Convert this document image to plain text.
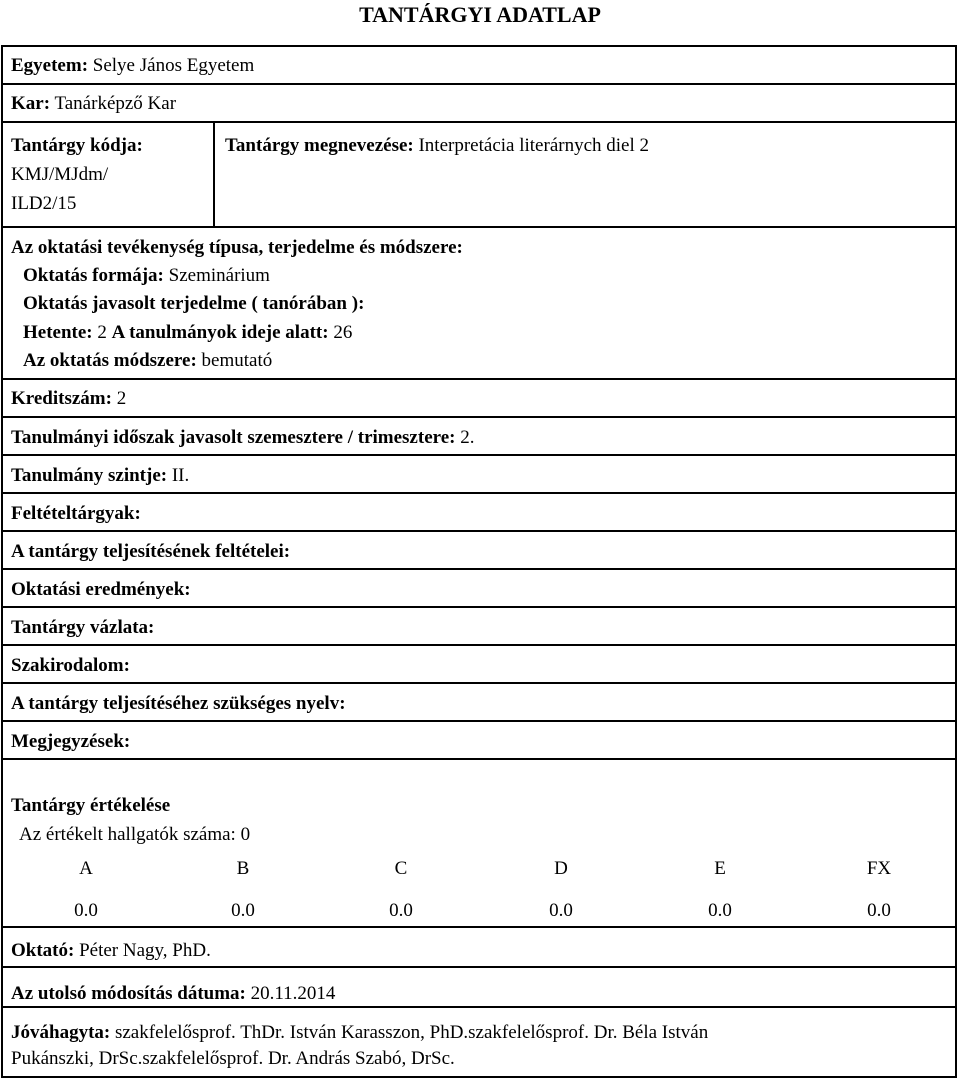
TANTÁRGYI ADATLAP
Egyetem: Selye János Egyetem
Kar: Tanárképző Kar
Tantárgy kódja:
KMJ/MJdm/
ILD2/15
Tantárgy megnevezése: Interpretácia literárnych diel 2
Az oktatási tevékenység típusa, terjedelme és módszere:
Oktatás formája: Szeminárium
Oktatás javasolt terjedelme ( tanórában ):
Hetente: 2 A tanulmányok ideje alatt: 26
Az oktatás módszere: bemutató
Kreditszám: 2
Tanulmányi időszak javasolt szemesztere / trimesztere: 2.
Tanulmány szintje: II.
Feltételtárgyak:
A tantárgy teljesítésének feltételei:
Oktatási eredmények:
Tantárgy vázlata:
Szakirodalom:
A tantárgy teljesítéséhez szükséges nyelv:
Megjegyzések:
Tantárgy értékelése
Az értékelt hallgatók száma: 0
A	B	C	D	E	FX
0.0	0.0	0.0	0.0	0.0	0.0
Oktató: Péter Nagy, PhD.
Az utolsó módosítás dátuma: 20.11.2014
Jóváhagyta: szakfelelősprof. ThDr. István Karasszon, PhD.szakfelelősprof. Dr. Béla István
Pukánszki, DrSc.szakfelelősprof. Dr. András Szabó, DrSc.
